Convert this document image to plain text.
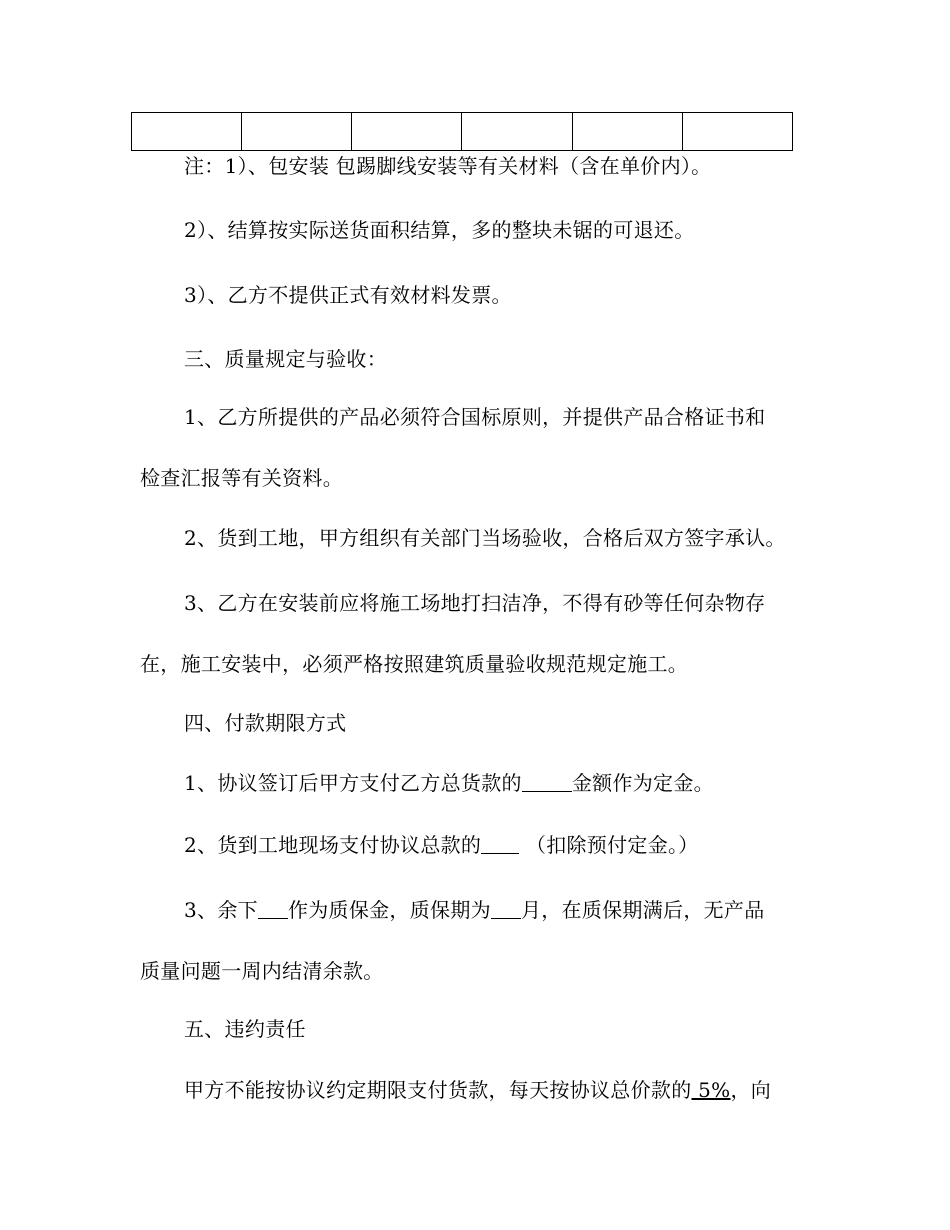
注：1）、包安装 包踢脚线安装等有关材料（含在单价内）。
2）、结算按实际送货面积结算，多的整块未锯的可退还。
3）、乙方不提供正式有效材料发票。
三、质量规定与验收：
1、乙方所提供的产品必须符合国标原则，并提供产品合格证书和
检查汇报等有关资料。
2、货到工地，甲方组织有关部门当场验收，合格后双方签字承认。
3、乙方在安装前应将施工场地打扫洁净，不得有砂等任何杂物存
在，施工安装中，必须严格按照建筑质量验收规范规定施工。
四、付款期限方式
1、协议签订后甲方支付乙方总货款的	金额作为定金。
2、货到工地现场支付协议总款的 （扣除预付定金。）
3、余下 作为质保金，质保期为 月，在质保期满后，无产品
质量问题一周内结清余款。
五、违约责任
甲方不能按协议约定期限支付货款，每天按协议总价款的 5%，向
